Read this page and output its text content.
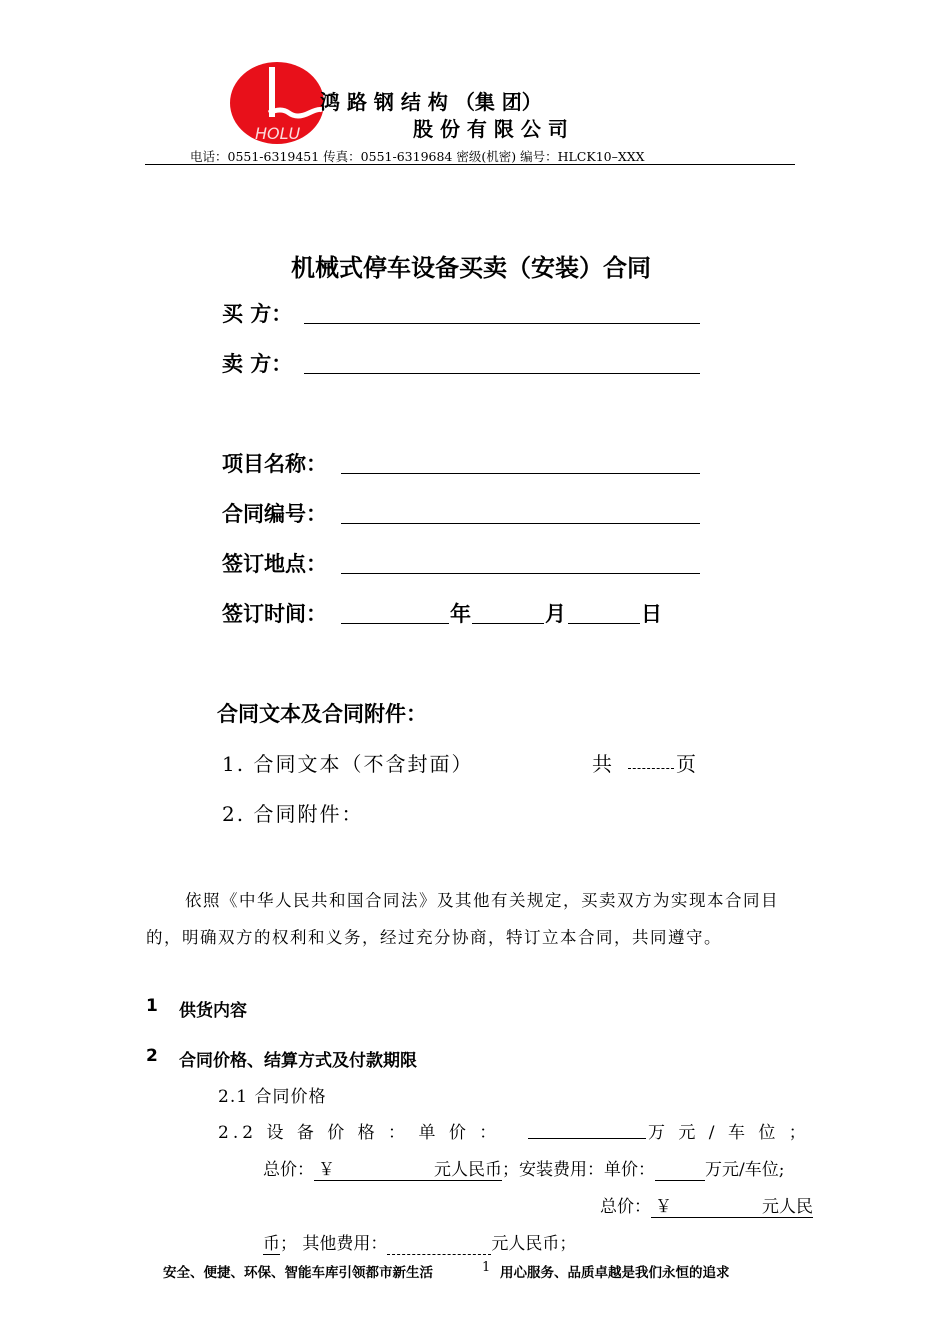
HOLU
鸿 路 钢 结 构 （集 团）
股 份 有 限 公 司
电话：0551-6319451 传真：0551-6319684 密级(机密) 编号：HLCK10–XXX
机械式停车设备买卖（安装）合同
买 方：
卖 方：
项目名称：
合同编号：
签订地点：
签订时间：	年	月	日
合同文本及合同附件：
1. 合同文本（不含封面）	共	页
2. 合同附件：
依照《中华人民共和国合同法》及其他有关规定，买卖双方为实现本合同目
的，明确双方的权利和义务，经过充分协商，特订立本合同，共同遵守。
1 供货内容
2 合同价格、结算方式及付款期限
2.1 合同价格
2.2 设 备 价 格 ： 单 价 ：	万 元 / 车 位 ；
总价： ￥	元人民币 ；安装费用：单价：	万元/车位;
总价： ￥	元人民
币； 其他费用：	元人民币；
安全、便捷、环保、智能车库引领都市新生活	1 用心服务、品质卓越是我们永恒的追求
